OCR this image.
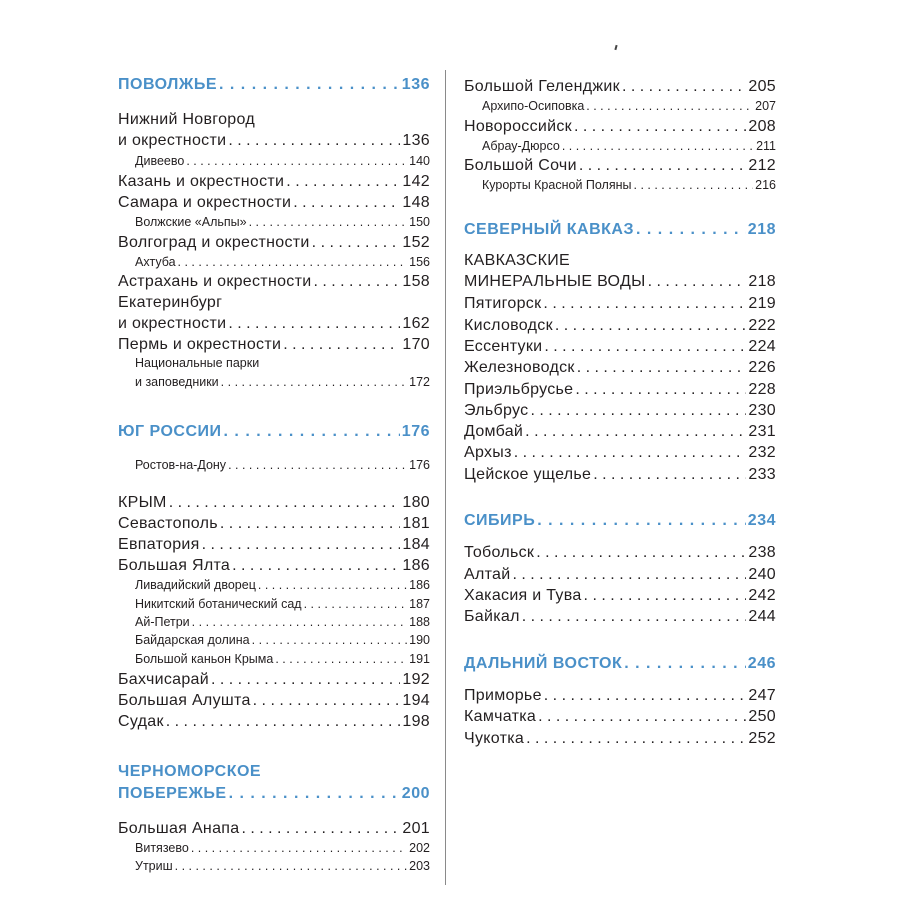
ПОВОЛЖЬЕ . . .	136
Нижний Новгород
и окрестности . . .	136
Дивеево . . .	140
Казань и окрестности . . .	142
Самара и окрестности . . .	148
Волжские «Альпы» . . .	150
Волгоград и окрестности . . .	152
Ахтуба . . .	156
Астрахань и окрестности . . .	158
Екатеринбург
и окрестности . . .	162
Пермь и окрестности . . .	170
Национальные парки
и заповедники . . .	172
ЮГ РОССИИ . . .	176
Ростов-на-Дону . . .	176
КРЫМ . . .	180
Севастополь . . .	181
Евпатория . . .	184
Большая Ялта . . .	186
Ливадийский дворец . . .	186
Никитский ботанический сад . . .	187
Ай-Петри . . .	188
Байдарская долина . . .	190
Большой каньон Крыма . . .	191
Бахчисарай . . .	192
Большая Алушта . . .	194
Судак . . .	198
ЧЕРНОМОРСКОЕ
ПОБЕРЕЖЬЕ . . .	200
Большая Анапа . . .	201
Витязево . . .	202
Утриш . . .	203
Большой Геленджик . . .	205
Архипо-Осиповка . . .	207
Новороссийск . . .	208
Абрау-Дюрсо . . .	211
Большой Сочи . . .	212
Курорты Красной Поляны . . .	216
СЕВЕРНЫЙ КАВКАЗ . . .	218
КАВКАЗСКИЕ
МИНЕРАЛЬНЫЕ ВОДЫ . . .	218
Пятигорск . . .	219
Кисловодск . . .	222
Ессентуки . . .	224
Железноводск . . .	226
Приэльбрусье . . .	228
Эльбрус . . .	230
Домбай . . .	231
Архыз . . .	232
Цейское ущелье . . .	233
СИБИРЬ . . .	234
Тобольск . . .	238
Алтай . . .	240
Хакасия и Тува . . .	242
Байкал . . .	244
ДАЛЬНИЙ ВОСТОК . . .	246
Приморье . . .	247
Камчатка . . .	250
Чукотка . . .	252
